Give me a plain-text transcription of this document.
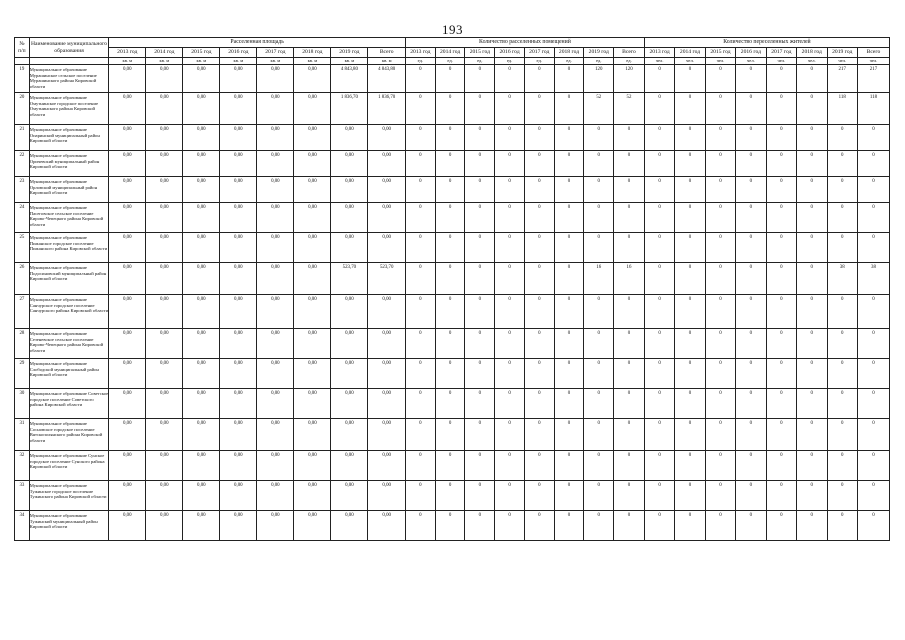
193
№
п/п	Наименование муниципального образования	Расселенная площадь								Количество расселенных помещений								Количество переселенных жителей							
		2013 год	2014 год	2015 год	2016 год	2017 год	2018 год	2019 год	Всего	2013 год	2014 год	2015 год	2016 год	2017 год	2018 год	2019 год	Всего	2013 год	2014 год	2015 год	2016 год	2017 год	2018 год	2019 год	Всего
		кв. м	кв. м	кв. м	кв. м	кв. м	кв. м	кв. м	кв. м	ед.	ед.	ед.	ед.	ед.	ед.	ед.	ед.	чел.	чел.	чел.	чел.	чел.	чел.	чел.	чел.
19	Муниципальное образование Мурашинское сельское поселение Мурашинского района Кировской области	0,00	0,00	0,00	0,00	0,00	0,00	4 843,80	4 843,80	0	0	0	0	0	0	120	120	0	0	0	0	0	0	217	217
20	Муниципальное образование Омутнинское городское поселение Омутнинского района Кировской области	0,00	0,00	0,00	0,00	0,00	0,00	1 836,70	1 836,70	0	0	0	0	0	0	52	52	0	0	0	0	0	0	118	118
21	Муниципальное образование Опаринский муниципальный район Кировской области	0,00	0,00	0,00	0,00	0,00	0,00	0,00	0,00	0	0	0	0	0	0	0	0	0	0	0	0	0	0	0	0
22	Муниципальное образование Оричевский муниципальный район Кировской области	0,00	0,00	0,00	0,00	0,00	0,00	0,00	0,00	0	0	0	0	0	0	0	0	0	0	0	0	0	0	0	0
23	Муниципальное образование Орловский муниципальный район Кировской области	0,00	0,00	0,00	0,00	0,00	0,00	0,00	0,00	0	0	0	0	0	0	0	0	0	0	0	0	0	0	0	0
24	Муниципальное образование Пасеговское сельское поселение Кирово-Чепецкого района Кировской области	0,00	0,00	0,00	0,00	0,00	0,00	0,00	0,00	0	0	0	0	0	0	0	0	0	0	0	0	0	0	0	0
25	Муниципальное образование Пижанское городское поселение Пижанского района Кировской области	0,00	0,00	0,00	0,00	0,00	0,00	0,00	0,00	0	0	0	0	0	0	0	0	0	0	0	0	0	0	0	0
26	Муниципальное образование Подосиновский муниципальный район Кировской области	0,00	0,00	0,00	0,00	0,00	0,00	523,70	523,70	0	0	0	0	0	0	16	16	0	0	0	0	0	0	38	38
27	Муниципальное образование Санчурское городское поселение Санчурского района Кировской области	0,00	0,00	0,00	0,00	0,00	0,00	0,00	0,00	0	0	0	0	0	0	0	0	0	0	0	0	0	0	0	0
28	Муниципальное образование Сезеневское сельское поселение Кирово-Чепецкого района Кировской области	0,00	0,00	0,00	0,00	0,00	0,00	0,00	0,00	0	0	0	0	0	0	0	0	0	0	0	0	0	0	0	0
29	Муниципальное образование Слободской муниципальный район Кировской области	0,00	0,00	0,00	0,00	0,00	0,00	0,00	0,00	0	0	0	0	0	0	0	0	0	0	0	0	0	0	0	0
30	Муниципальное образование Советское городское поселение Советского района Кировской области	0,00	0,00	0,00	0,00	0,00	0,00	0,00	0,00	0	0	0	0	0	0	0	0	0	0	0	0	0	0	0	0
31	Муниципальное образование Сосновское городское поселение Вятскополянского района Кировской области	0,00	0,00	0,00	0,00	0,00	0,00	0,00	0,00	0	0	0	0	0	0	0	0	0	0	0	0	0	0	0	0
32	Муниципальное образование Сунское городское поселение Сунского района Кировской области	0,00	0,00	0,00	0,00	0,00	0,00	0,00	0,00	0	0	0	0	0	0	0	0	0	0	0	0	0	0	0	0
33	Муниципальное образование Тужинское городское поселение Тужинского района Кировской области	0,00	0,00	0,00	0,00	0,00	0,00	0,00	0,00	0	0	0	0	0	0	0	0	0	0	0	0	0	0	0	0
34	Муниципальное образование Тужинский муниципальный район Кировской области	0,00	0,00	0,00	0,00	0,00	0,00	0,00	0,00	0	0	0	0	0	0	0	0	0	0	0	0	0	0	0	0
